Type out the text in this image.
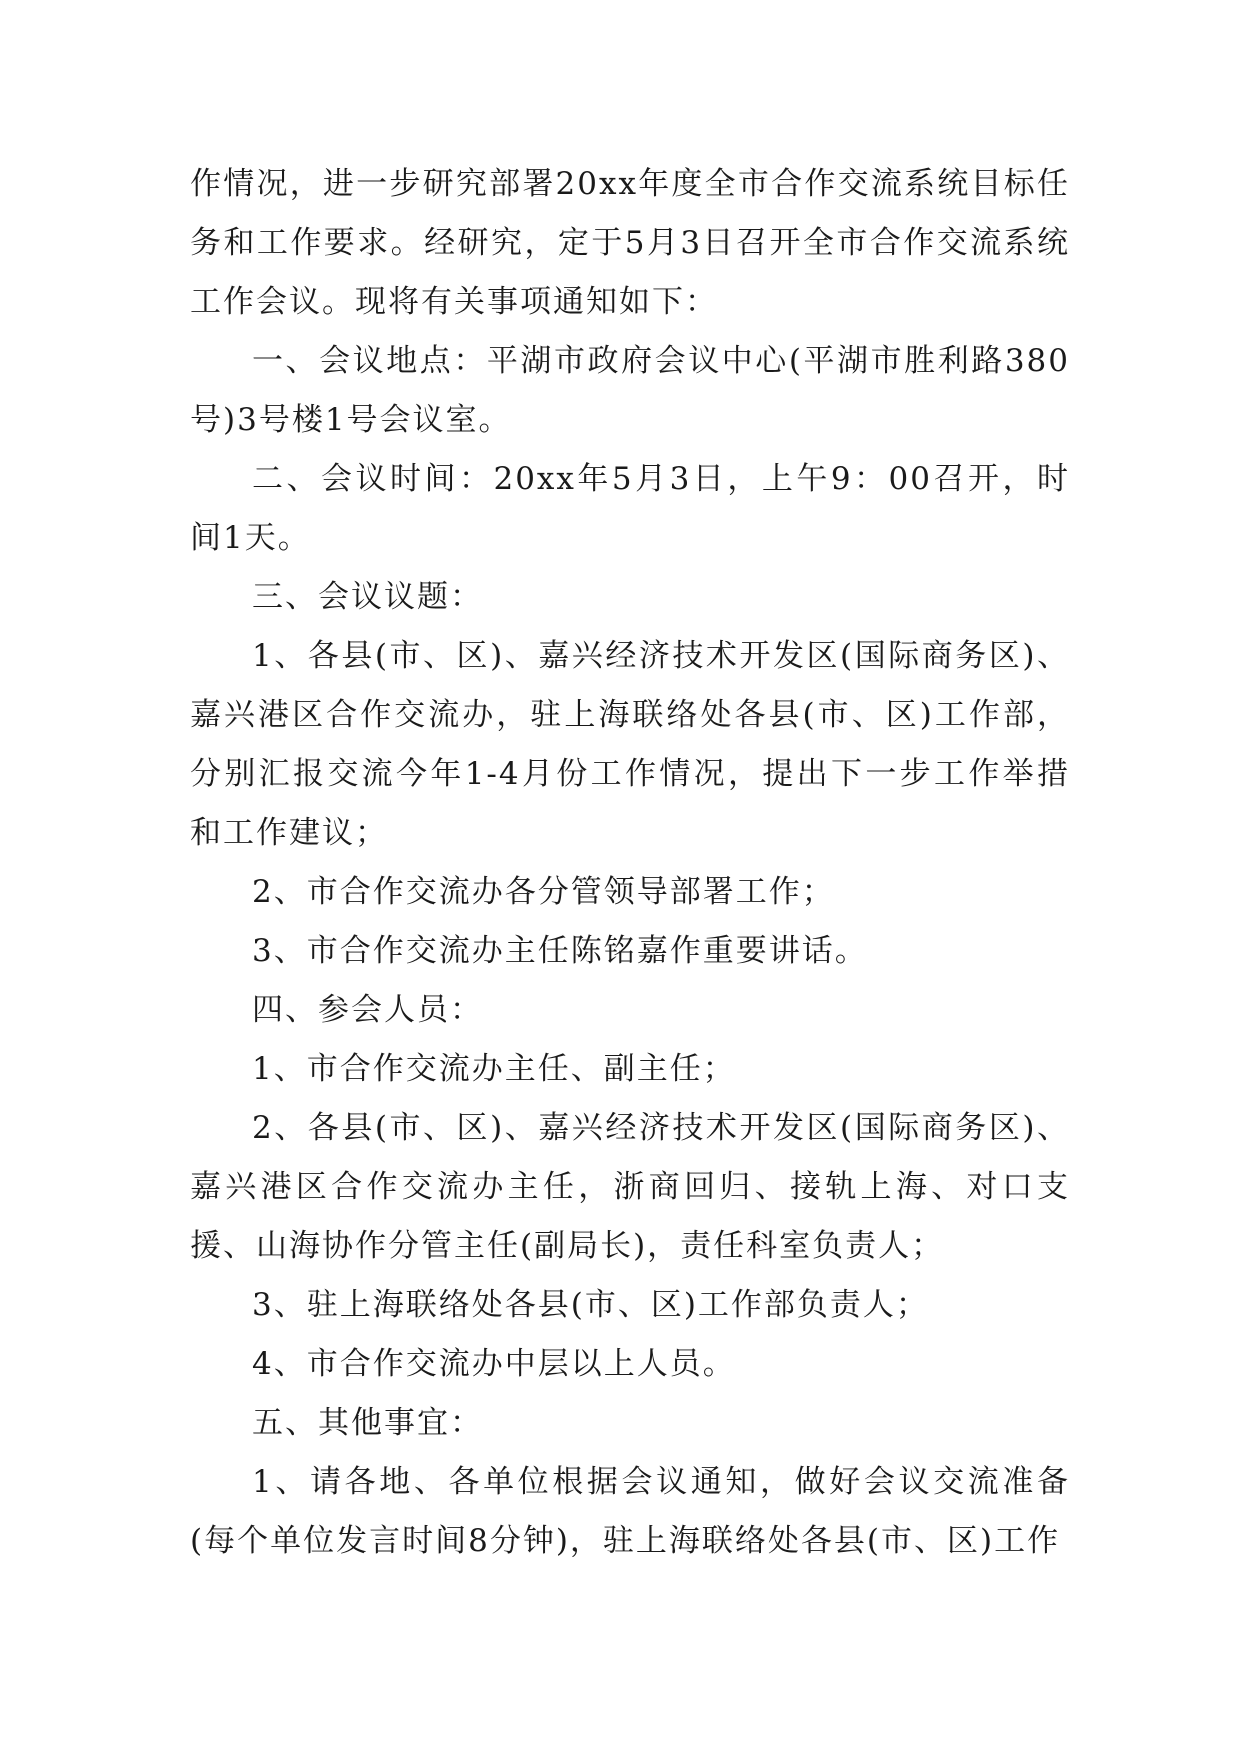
作情况，进一步研究部署20xx年度全市合作交流系统目标任务和工作要求。经研究，定于5月3日召开全市合作交流系统工作会议。现将有关事项通知如下：

一、会议地点：平湖市政府会议中心(平湖市胜利路380号)3号楼1号会议室。

二、会议时间：20xx年5月3日，上午9：00召开，时间1天。

三、会议议题：

1、各县(市、区)、嘉兴经济技术开发区(国际商务区)、嘉兴港区合作交流办，驻上海联络处各县(市、区)工作部，分别汇报交流今年1-4月份工作情况，提出下一步工作举措和工作建议；

2、市合作交流办各分管领导部署工作；

3、市合作交流办主任陈铭嘉作重要讲话。

四、参会人员：

1、市合作交流办主任、副主任；

2、各县(市、区)、嘉兴经济技术开发区(国际商务区)、嘉兴港区合作交流办主任，浙商回归、接轨上海、对口支援、山海协作分管主任(副局长)，责任科室负责人；

3、驻上海联络处各县(市、区)工作部负责人；

4、市合作交流办中层以上人员。

五、其他事宜：

1、请各地、各单位根据会议通知，做好会议交流准备(每个单位发言时间8分钟)，驻上海联络处各县(市、区)工作
